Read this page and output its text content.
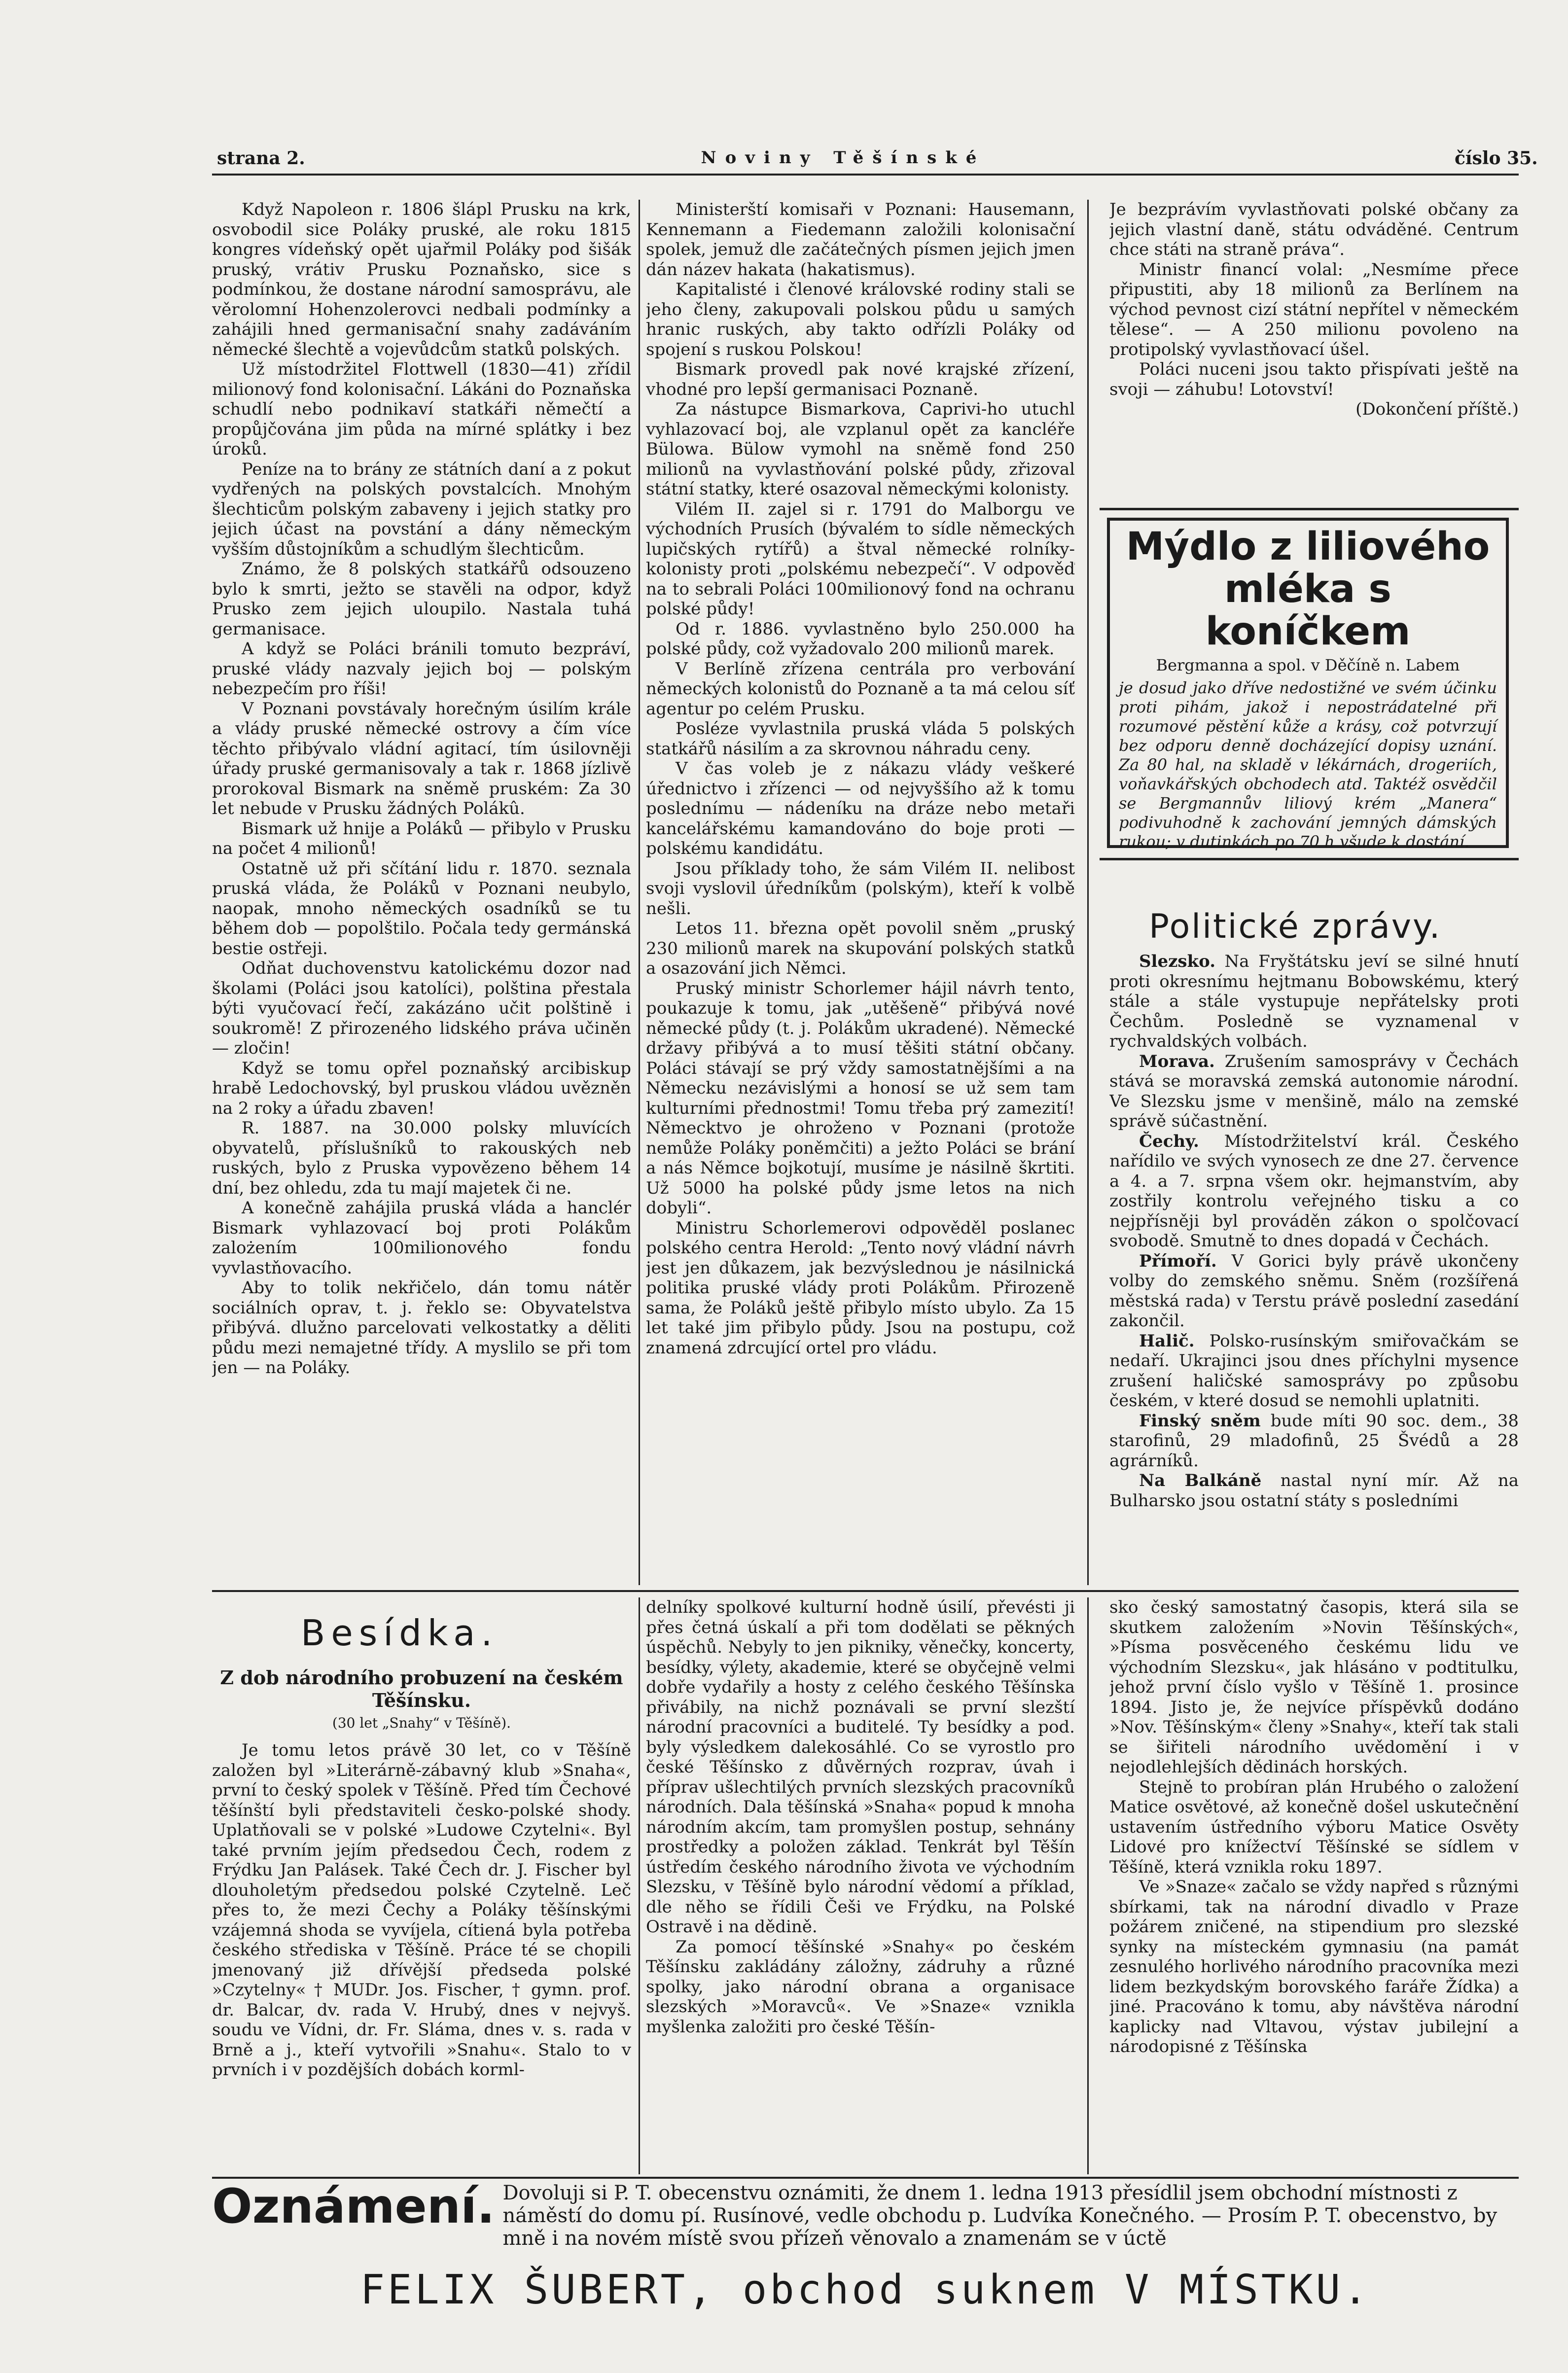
strana 2.	Noviny Těšínské	číslo 35.

Když Napoleon r. 1806 šlápl Prusku na krk, osvobodil sice Poláky pruské, ale roku 1815 kongres vídeňský opět ujařmil Poláky pod šišák pruský, vrátiv Prusku Poznaňsko, sice s podmínkou, že dostane národní samosprávu, ale věrolomní Hohenzolerovci nedbali podmínky a zahájili hned germanisační snahy zadáváním německé šlechtě a vojevůdcům statků polských.

Už místodržitel Flottwell (1830—41) zřídil milionový fond kolonisační. Lákáni do Poznaňska schudlí nebo podnikaví statkáři němečtí a propůjčována jim půda na mírné splátky i bez úroků.

Peníze na to brány ze státních daní a z pokut vydřených na polských povstalcích. Mnohým šlechticům polským zabaveny i jejich statky pro jejich účast na povstání a dány německým vyšším důstojníkům a schudlým šlechticům.

Známo, že 8 polských statkářů odsouzeno bylo k smrti, ježto se stavěli na odpor, když Prusko zem jejich uloupilo. Nastala tuhá germanisace.

A když se Poláci bránili tomuto bezpráví, pruské vlády nazvaly jejich boj — polským nebezpečím pro říši!

V Poznani povstávaly horečným úsilím krále a vlády pruské německé ostrovy a čím více těchto přibývalo vládní agitací, tím úsilovněji úřady pruské germanisovaly a tak r. 1868 jízlivě prorokoval Bismark na sněmě pruském: Za 30 let nebude v Prusku žádných Polákû.

Bismark už hnije a Poláků — přibylo v Prusku na počet 4 milionů!

Ostatně už při sčítání lidu r. 1870. seznala pruská vláda, že Poláků v Poznani neubylo, naopak, mnoho německých osadníků se tu během dob — popolštilo. Počala tedy germánská bestie ostřeji.

Odňat duchovenstvu katolickému dozor nad školami (Poláci jsou katolíci), polština přestala býti vyučovací řečí, zakázáno učit polštině i soukromě! Z přirozeného lidského práva učiněn — zločin!

Když se tomu opřel poznaňský arcibiskup hrabě Ledochovský, byl pruskou vládou uvězněn na 2 roky a úřadu zbaven!

R. 1887. na 30.000 polsky mluvících obyvatelů, příslušníků to rakouských neb ruských, bylo z Pruska vypovězeno během 14 dní, bez ohledu, zda tu mají majetek či ne.

A konečně zahájila pruská vláda a hanclér Bismark vyhlazovací boj proti Polákům zalożením 100milionového fondu vyvlastňovacího.

Aby to tolik nekřičelo, dán tomu nátěr sociálních oprav, t. j. řeklo se: Obyvatelstva přibývá. dlužno parcelovati velkostatky a děliti půdu mezi nemajetné třídy. A myslilo se při tom jen — na Poláky.

Ministerští komisaři v Poznani: Hausemann, Kennemann a Fiedemann založili kolonisační spolek, jemuž dle začátečných písmen jejich jmen dán název hakata (hakatismus).

Kapitalisté i členové královské rodiny stali se jeho členy, zakupovali polskou půdu u samých hranic ruských, aby takto odřízli Poláky od spojení s ruskou Polskou!

Bismark provedl pak nové krajské zřízení, vhodné pro lepší germanisaci Poznaně.

Za nástupce Bismarkova, Caprivi-ho utuchl vyhlazovací boj, ale vzplanul opět za kancléře Bülowa. Bülow vymohl na sněmě fond 250 milionů na vyvlastňování polské půdy, zřizoval státní statky, které osazoval německými kolonisty.

Vilém II. zajel si r. 1791 do Malborgu ve východních Prusích (bývalém to sídle německých lupičských rytířů) a štval německé rolníky-kolonisty proti „polskému nebezpečí“. V odpověď na to sebrali Poláci 100milionový fond na ochranu polské půdy!

Od r. 1886. vyvlastněno bylo 250.000 ha polské půdy, což vyžadovalo 200 milionů marek.

V Berlíně zřízena centrála pro verbování německých kolonistů do Poznaně a ta má celou síť agentur po celém Prusku.

Posléze vyvlastnila pruská vláda 5 polských statkářů násilím a za skrovnou náhradu ceny.

V čas voleb je z nákazu vlády veškeré úřednictvo i zřízenci — od nejvyššího až k tomu poslednímu — nádeníku na dráze nebo metaři kancelářskému kamandováno do boje proti — polskému kandidátu.

Jsou příklady toho, že sám Vilém II. nelibost svoji vyslovil úředníkům (polským), kteří k volbě nešli.

Letos 11. března opět povolil sněm „pruský 230 milionů marek na skupování polských statků a osazování jich Němci.

Pruský ministr Schorlemer hájil návrh tento, poukazuje k tomu, jak „utěšeně“ přibývá nové německé půdy (t. j. Polákům ukradené). Německé državy přibývá a to musí těšiti státní občany. Poláci stávají se prý vždy samostatnějšími a na Německu nezávislými a honosí se už sem tam kulturními přednostmi! Tomu třeba prý zamezití! Německtvo je ohroženo v Poznani (protože nemůže Poláky poněmčiti) a ježto Poláci se brání a nás Němce bojkotují, musíme je násilně škrtiti. Už 5000 ha polské půdy jsme letos na nich dobyli“.

Ministru Schorlemerovi odpověděl poslanec polského centra Herold: „Tento nový vládní návrh jest jen důkazem, jak bezvýslednou je násilnická politika pruské vlády proti Polákům. Přirozeně sama, že Poláků ještě přibylo místo ubylo. Za 15 let také jim přibylo půdy. Jsou na postupu, což znamená zdrcující ortel pro vládu.

Je bezprávím vyvlastňovati polské občany za jejich vlastní daně, státu odváděné. Centrum chce státi na straně práva“.

Ministr financí volal: „Nesmíme přece připustiti, aby 18 milionů za Berlínem na východ pevnost cizí státní nepřítel v německém tělese“. — A 250 milionu povoleno na protipolský vyvlastňovací úšel.

Poláci nuceni jsou takto přispívati ještě na svoji — záhubu! Lotovství!

(Dokončení příště.)

Mýdlo z liliového
mléka s koníčkem
Bergmanna a spol. v Děčíně n. Labem
je dosud jako dříve nedostižné ve svém účinku proti pihám, jakož i nepostrádatelné při rozumové pěstění kůže a krásy, což potvrzují bez odporu denně docházející dopisy uznání. Za 80 hal, na skladě v lékárnách, drogeriích, voňavkářských obchodech atd. Taktéž osvědčil se Bergmannův liliový krém „Manera“ podivuhodně k zachování jemných dámských rukou; v dutinkách po 70 h všude k dostání.
Politické zprávy.

Slezsko. Na Fryštátsku jeví se silné hnutí proti okresnímu hejtmanu Bobowskému, který stále a stále vystupuje nepřátelsky proti Čechům. Posledně se vyznamenal v rychvaldských volbách.

Morava. Zrušením samosprávy v Čechách stává se moravská zemská autonomie národní. Ve Slezsku jsme v menšině, málo na zemské správě súčastnění.

Čechy. Místodržitelství král. Českého nařídilo ve svých vynosech ze dne 27. července a 4. a 7. srpna všem okr. hejmanstvím, aby zostřily kontrolu veřejného tisku a co nejpřísněji byl prováděn zákon o spolčovací svobodě. Smutně to dnes dopadá v Čechách.

Přímoří. V Gorici byly právě ukončeny volby do zemského sněmu. Sněm (rozšířená městská rada) v Terstu právě poslední zasedání zakončil.

Halič. Polsko-rusínským smiřovačkám se nedaří. Ukrajinci jsou dnes příchylni mysence zrušení haličské samosprávy po způsobu českém, v které dosud se nemohli uplatniti.

Finský sněm bude míti 90 soc. dem., 38 starofinů, 29 mladofinů, 25 Švédů a 28 agrárníků.

Na Balkáně nastal nyní mír. Až na Bulharsko jsou ostatní státy s posledními

Besídka.
Z dob národního probuzení na českém Těšínsku.
(30 let „Snahy“ v Těšíně).

Je tomu letos právě 30 let, co v Těšíně založen byl »Literárně-zábavný klub »Snaha«, první to český spolek v Těšíně. Před tím Čechové těšínští byli představiteli česko-polské shody. Uplatňovali se v polské »Ludowe Czytelni«. Byl také prvním jejím předsedou Čech, rodem z Frýdku Jan Palásek. Také Čech dr. J. Fischer byl dlouholetým předsedou polské Czytelně. Leč přes to, že mezi Čechy a Poláky těšínskými vzájemná shoda se vyvíjela, cítiená byla potřeba českého střediska v Těšíně. Práce té se chopili jmenovaný již dřívější předseda polské »Czytelny« † MUDr. Jos. Fischer, † gymn. prof. dr. Balcar, dv. rada V. Hrubý, dnes v nejvyš. soudu ve Vídni, dr. Fr. Sláma, dnes v. s. rada v Brně a j., kteří vytvořili »Snahu«. Stalo to v prvních i v pozdějších dobách korml-

delníky spolkové kulturní hodně úsilí, převésti ji přes četná úskalí a při tom dodělati se pěkných úspěchů. Nebyly to jen pikniky, věnečky, koncerty, besídky, výlety, akademie, které se obyčejně velmi dobře vydařily a hosty z celého českého Těšínska přivábily, na nichž poznávali se první slezští národní pracovníci a buditelé. Ty besídky a pod. byly výsledkem dalekosáhlé. Co se vyrostlo pro české Těšínsko z důvěrných rozprav, úvah i příprav ušlechtilých prvních slezských pracovníků národních. Dala těšínská »Snaha« popud k mnoha národním akcím, tam promyšlen postup, sehnány prostředky a položen základ. Tenkrát byl Těšín ústředím českého národního života ve východním Slezsku, v Těšíně bylo národní vědomí a příklad, dle něho se řídili Češi ve Frýdku, na Polské Ostravě i na dědině.

Za pomocí těšínské »Snahy« po českém Těšínsku zakládány záložny, zádruhy a různé spolky, jako národní obrana a organisace slezských »Moravců«. Ve »Snaze« vznikla myšlenka založiti pro české Těšín-

sko český samostatný časopis, která sila se skutkem založením »Novin Těšínských«, »Písma posvěceného českému lidu ve východním Slezsku«, jak hlásáno v podtitulku, jehož první číslo vyšlo v Těšíně 1. prosince 1894. Jisto je, že nejvíce příspěvků dodáno »Nov. Těšínským« členy »Snahy«, kteří tak stali se šiřiteli národního uvědomění i v nejodlehlejších dědinách horských.

Stejně to probíran plán Hrubého o založení Matice osvětové, až konečně došel uskutečnění ustavením ústředního výboru Matice Osvěty Lidové pro knížectví Těšínské se sídlem v Těšíně, která vznikla roku 1897.

Ve »Snaze« začalo se vždy napřed s různými sbírkami, tak na národní divadlo v Praze požárem zničené, na stipendium pro slezské synky na místeckém gymnasiu (na památ zesnulého horlivého národního pracovníka mezi lidem bezkydským borovského faráře Žídka) a jiné. Pracováno k tomu, aby návštěva národní kaplicky nad Vltavou, výstav jubilejní a národopisné z Těšínska

Oznámení. Dovoluji si P. T. obecenstvu oznámiti, že dnem 1. ledna 1913 přesídlil jsem obchodní místnosti z náměstí do domu pí. Rusínové, vedle obchodu p. Ludvíka Konečného. — Prosím P. T. obecenstvo, by mně i na novém místě svou přízeň věnovalo a znamenám se v úctě
FELIX ŠUBERT, obchod suknem V MÍSTKU.
